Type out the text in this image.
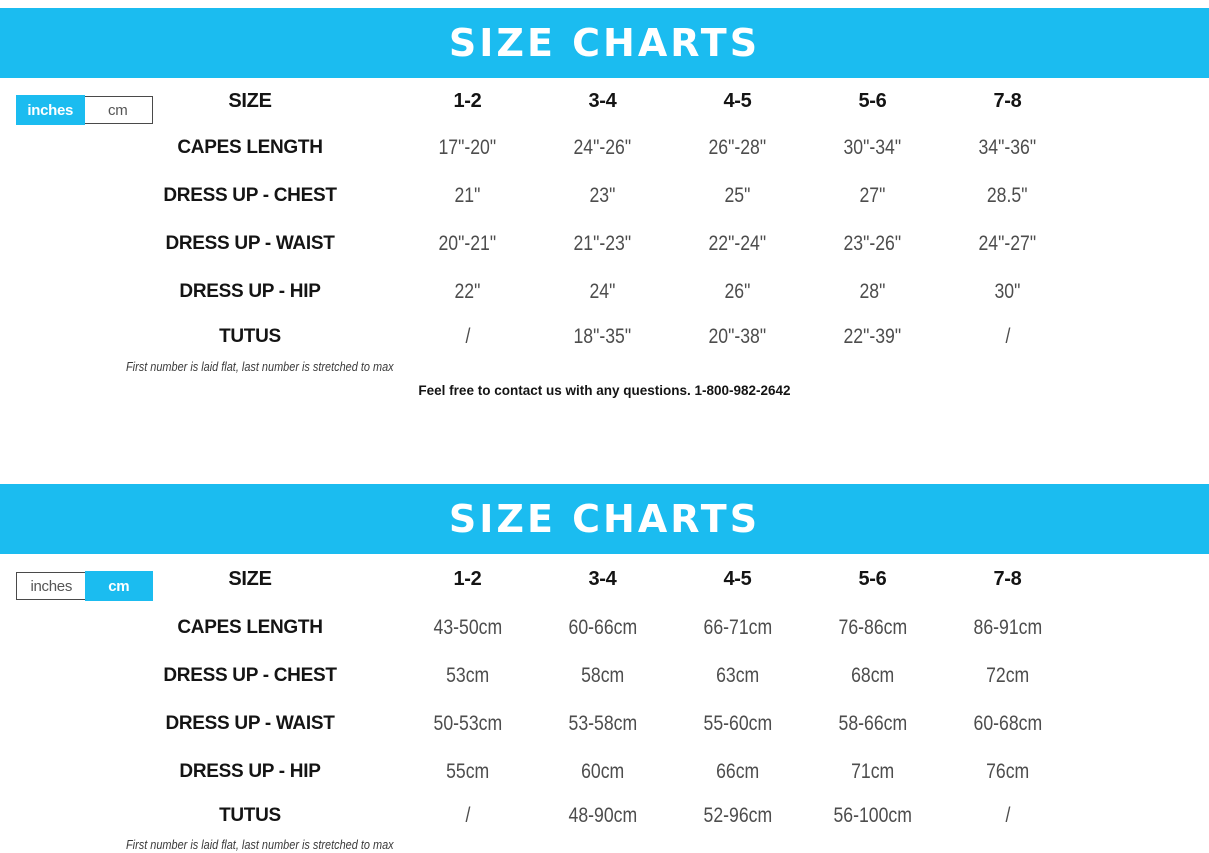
SIZE CHARTS
inches	cm	SIZE	1-2	3-4	4-5	5-6	7-8
CAPES LENGTH	17"-20"	24"-26"	26"-28"	30"-34"	34"-36"
DRESS UP - CHEST	21"	23"	25"	27"	28.5"
DRESS UP - WAIST	20"-21"	21"-23"	22"-24"	23"-26"	24"-27"
DRESS UP - HIP	22"	24"	26"	28"	30"
TUTUS	/	18"-35"	20"-38"	22"-39"	/
First number is laid flat, last number is stretched to max
Feel free to contact us with any questions. 1-800-982-2642
SIZE CHARTS
inches	cm	SIZE	1-2	3-4	4-5	5-6	7-8
CAPES LENGTH	43-50cm	60-66cm	66-71cm	76-86cm	86-91cm
DRESS UP - CHEST	53cm	58cm	63cm	68cm	72cm
DRESS UP - WAIST	50-53cm	53-58cm	55-60cm	58-66cm	60-68cm
DRESS UP - HIP	55cm	60cm	66cm	71cm	76cm
TUTUS	/	48-90cm	52-96cm	56-100cm	/
First number is laid flat, last number is stretched to max
